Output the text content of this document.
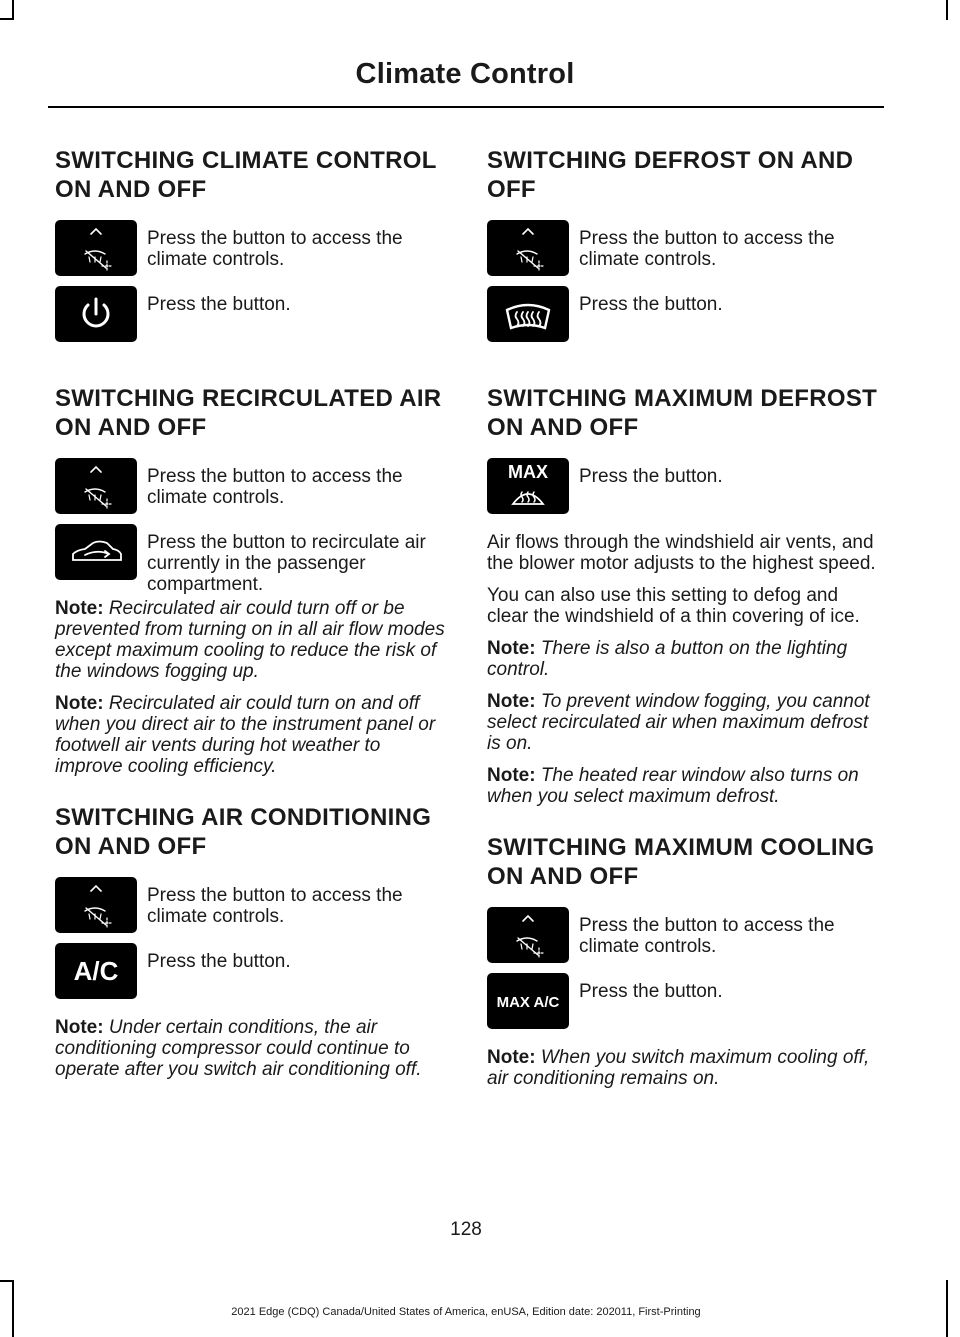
Climate Control
SWITCHING CLIMATE CONTROL ON AND OFF
Press the button to access the climate controls.
Press the button.
SWITCHING RECIRCULATED AIR ON AND OFF
Press the button to access the climate controls.
Press the button to recirculate air currently in the passenger compartment.

Note: Recirculated air could turn off or be prevented from turning on in all air flow modes except maximum cooling to reduce the risk of the windows fogging up.

Note: Recirculated air could turn on and off when you direct air to the instrument panel or footwell air vents during hot weather to improve cooling efficiency.

SWITCHING AIR CONDITIONING ON AND OFF
Press the button to access the climate controls.
A/C Press the button.

Note: Under certain conditions, the air conditioning compressor could continue to operate after you switch air conditioning off.

SWITCHING DEFROST ON AND OFF
Press the button to access the climate controls.
Press the button.
SWITCHING MAXIMUM DEFROST ON AND OFF
MAX Press the button.

Air flows through the windshield air vents, and the blower motor adjusts to the highest speed.

You can also use this setting to defog and clear the windshield of a thin covering of ice.

Note: There is also a button on the lighting control.

Note: To prevent window fogging, you cannot select recirculated air when maximum defrost is on.

Note: The heated rear window also turns on when you select maximum defrost.

SWITCHING MAXIMUM COOLING ON AND OFF
Press the button to access the climate controls.
MAX A/C
Press the button.

Note: When you switch maximum cooling off, air conditioning remains on.

128
2021 Edge (CDQ) Canada/United States of America, enUSA, Edition date: 202011, First-Printing
